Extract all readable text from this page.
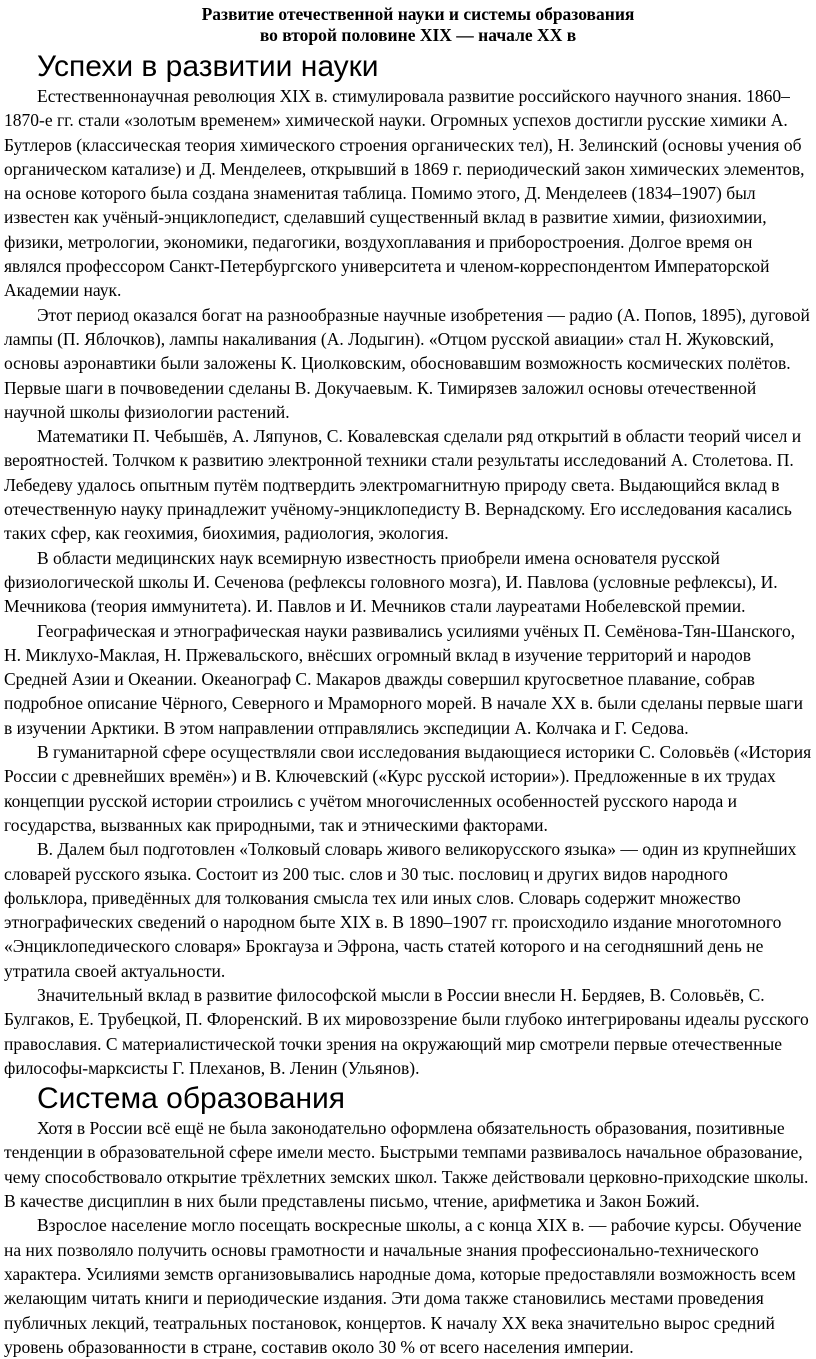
Развитие отечественной науки и системы образования
во второй половине XIX — начале XX в
Успехи в развитии науки

Естественнонаучная революция XIX в. стимулировала развитие российского научного знания. 1860–1870-е гг. стали «золотым временем» химической науки. Огромных успехов достигли русские химики А. Бутлеров (классическая теория химического строения органических тел), Н. Зелинский (основы учения об органическом катализе) и Д. Менделеев, открывший в 1869 г. периодический закон химических элементов, на основе которого была создана знаменитая таблица. Помимо этого, Д. Менделеев (1834–1907) был известен как учёный-энциклопедист, сделавший существенный вклад в развитие химии, физиохимии, физики, метрологии, экономики, педагогики, воздухоплавания и приборостроения. Долгое время он являлся профессором Санкт-Петербургского университета и членом-корреспондентом Императорской Академии наук.

Этот период оказался богат на разнообразные научные изобретения — радио (А. Попов, 1895), дуговой лампы (П. Яблочков), лампы накаливания (А. Лодыгин). «Отцом русской авиации» стал Н. Жуковский, основы аэронавтики были заложены К. Циолковским, обосновавшим возможность космических полётов. Первые шаги в почвоведении сделаны В. Докучаевым. К. Тимирязев заложил основы отечественной научной школы физиологии растений.

Математики П. Чебышёв, А. Ляпунов, С. Ковалевская сделали ряд открытий в области теорий чисел и вероятностей. Толчком к развитию электронной техники стали результаты исследований А. Столетова. П. Лебедеву удалось опытным путём подтвердить электромагнитную природу света. Выдающийся вклад в отечественную науку принадлежит учёному-энциклопедисту В. Вернадскому. Его исследования касались таких сфер, как геохимия, биохимия, радиология, экология.

В области медицинских наук всемирную известность приобрели имена основателя русской физиологической школы И. Сеченова (рефлексы головного мозга), И. Павлова (условные рефлексы), И. Мечникова (теория иммунитета). И. Павлов и И. Мечников стали лауреатами Нобелевской премии.

Географическая и этнографическая науки развивались усилиями учёных П. Семёнова-Тян-Шанского, Н. Миклухо-Маклая, Н. Пржевальского, внёсших огромный вклад в изучение территорий и народов Средней Азии и Океании. Океанограф С. Макаров дважды совершил кругосветное плавание, собрав подробное описание Чёрного, Северного и Мраморного морей. В начале XX в. были сделаны первые шаги в изучении Арктики. В этом направлении отправлялись экспедиции А. Колчака и Г. Седова.

В гуманитарной сфере осуществляли свои исследования выдающиеся историки С. Соловьёв («История России с древнейших времён») и В. Ключевский («Курс русской истории»). Предложенные в их трудах концепции русской истории строились с учётом многочисленных особенностей русского народа и государства, вызванных как природными, так и этническими факторами.

В. Далем был подготовлен «Толковый словарь живого великорусского языка» — один из крупнейших словарей русского языка. Состоит из 200 тыс. слов и 30 тыс. пословиц и других видов народного фольклора, приведённых для толкования смысла тех или иных слов. Словарь содержит множество этнографических сведений о народном быте XIX в. В 1890–1907 гг. происходило издание многотомного «Энциклопедического словаря» Брокгауза и Эфрона, часть статей которого и на сегодняшний день не утратила своей актуальности.

Значительный вклад в развитие философской мысли в России внесли Н. Бердяев, В. Соловьёв, С. Булгаков, Е. Трубецкой, П. Флоренский. В их мировоззрение были глубоко интегрированы идеалы русского православия. С материалистической точки зрения на окружающий мир смотрели первые отечественные философы-марксисты Г. Плеханов, В. Ленин (Ульянов).

Система образования

Хотя в России всё ещё не была законодательно оформлена обязательность образования, позитивные тенденции в образовательной сфере имели место. Быстрыми темпами развивалось начальное образование, чему способствовало открытие трёхлетних земских школ. Также действовали церковно-приходские школы. В качестве дисциплин в них были представлены письмо, чтение, арифметика и Закон Божий.

Взрослое население могло посещать воскресные школы, а с конца XIX в. — рабочие курсы. Обучение на них позволяло получить основы грамотности и начальные знания профессионально-технического характера. Усилиями земств организовывались народные дома, которые предоставляли возможность всем желающим читать книги и периодические издания. Эти дома также становились местами проведения публичных лекций, театральных постановок, концертов. К началу XX века значительно вырос средний уровень образованности в стране, составив около 30 % от всего населения империи.
